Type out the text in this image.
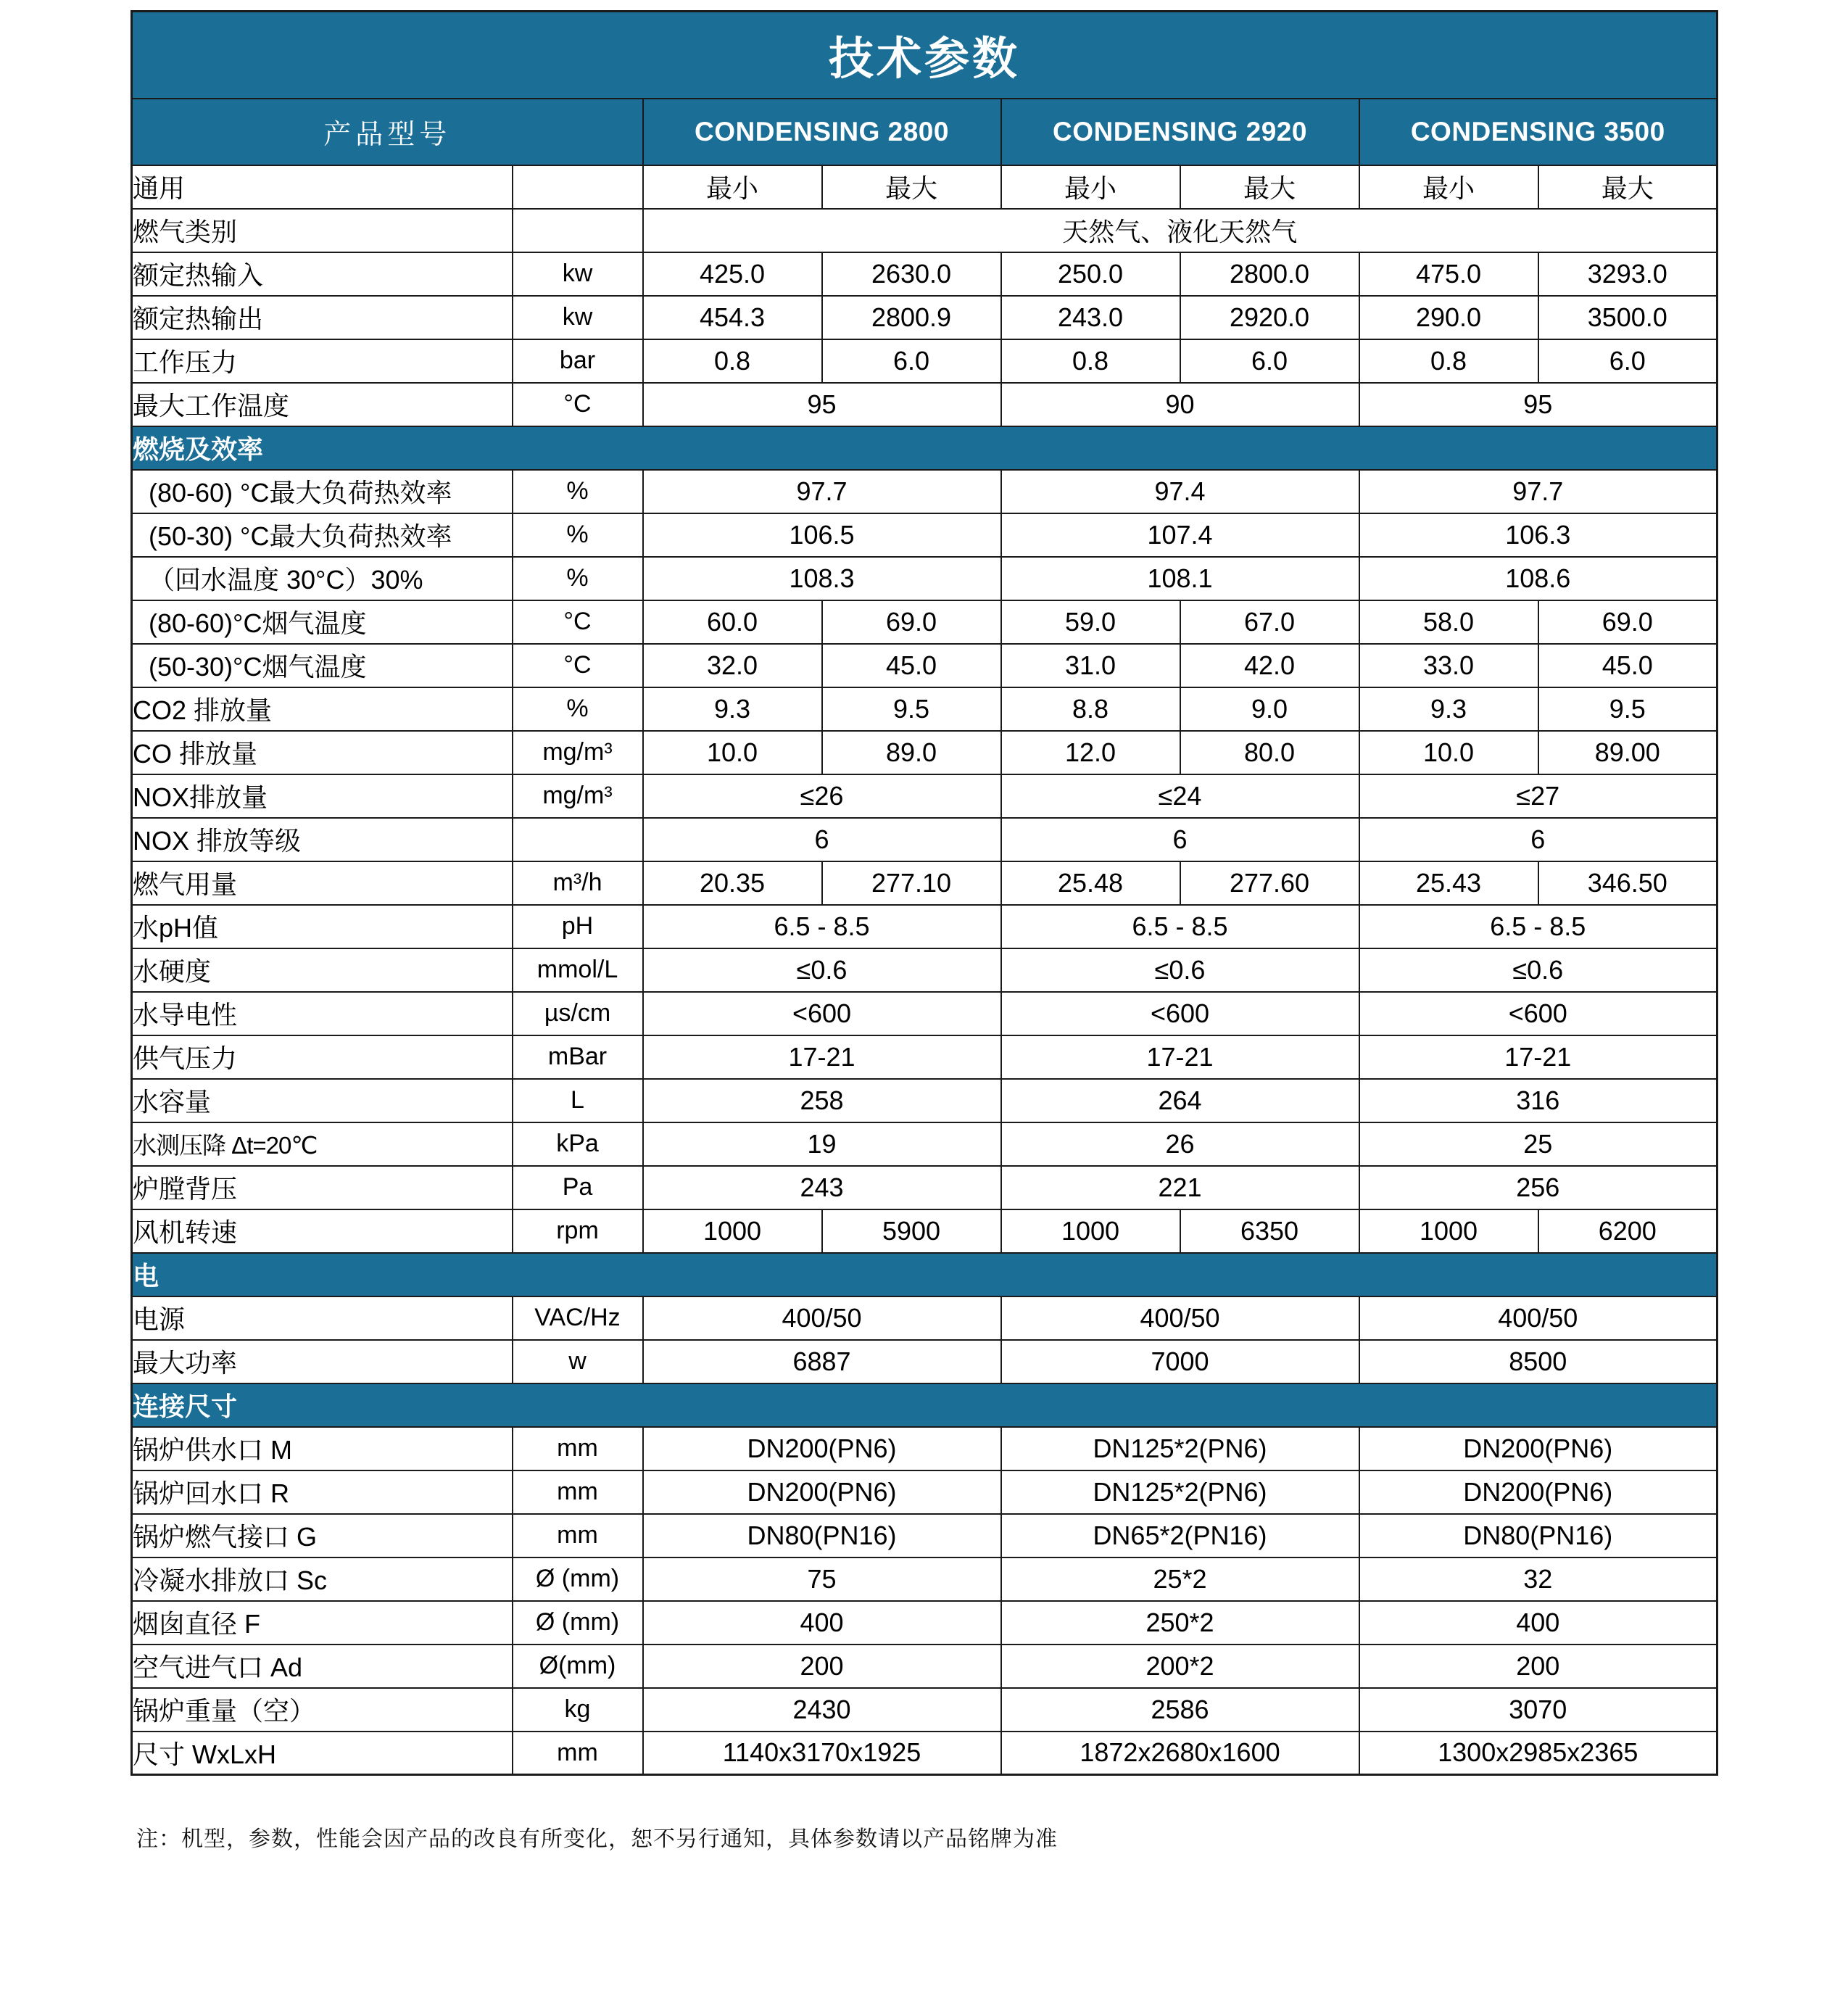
技术参数							
产品型号		CONDENSING 2800		CONDENSING 2920		CONDENSING 3500	
通用		最小	最大	最小	最大	最小	最大
燃气类别		天然气、液化天然气					
额定热输入	kw	425.0	2630.0	250.0	2800.0	475.0	3293.0
额定热输出	kw	454.3	2800.9	243.0	2920.0	290.0	3500.0
工作压力	bar	0.8	6.0	0.8	6.0	0.8	6.0
最大工作温度	°C	95		90		95	
燃烧及效率							
(80-60) °C最大负荷热效率	%	97.7		97.4		97.7	
(50-30) °C最大负荷热效率	%	106.5		107.4		106.3	
（回水温度 30°C）30%	%	108.3		108.1		108.6	
(80-60)°C烟气温度	°C	60.0	69.0	59.0	67.0	58.0	69.0
(50-30)°C烟气温度	°C	32.0	45.0	31.0	42.0	33.0	45.0
CO2 排放量	%	9.3	9.5	8.8	9.0	9.3	9.5
CO 排放量	mg/m³	10.0	89.0	12.0	80.0	10.0	89.00
NOX排放量	mg/m³	≤26		≤24		≤27	
NOX 排放等级		6		6		6	
燃气用量	m³/h	20.35	277.10	25.48	277.60	25.43	346.50
水pH值	pH	6.5 - 8.5		6.5 - 8.5		6.5 - 8.5	
水硬度	mmol/L	≤0.6		≤0.6		≤0.6	
水导电性	µs/cm	<600		<600		<600	
供气压力	mBar	17-21		17-21		17-21	
水容量	L	258		264		316	
水测压降 Δt=20℃	kPa	19		26		25	
炉膛背压	Pa	243		221		256	
风机转速	rpm	1000	5900	1000	6350	1000	6200
电							
电源	VAC/Hz	400/50		400/50		400/50	
最大功率	w	6887		7000		8500	
连接尺寸							
锅炉供水口 M	mm	DN200(PN6)		DN125*2(PN6)		DN200(PN6)	
锅炉回水口 R	mm	DN200(PN6)		DN125*2(PN6)		DN200(PN6)	
锅炉燃气接口 G	mm	DN80(PN16)		DN65*2(PN16)		DN80(PN16)	
冷凝水排放口 Sc	Ø (mm)	75		25*2		32	
烟囱直径 F	Ø (mm)	400		250*2		400	
空气进气口 Ad	Ø(mm)	200		200*2		200	
锅炉重量（空）	kg	2430		2586		3070	
尺寸 WxLxH	mm	1140x3170x1925		1872x2680x1600		1300x2985x2365	
注：机型，参数，性能会因产品的改良有所变化，恕不另行通知，具体参数请以产品铭牌为准
